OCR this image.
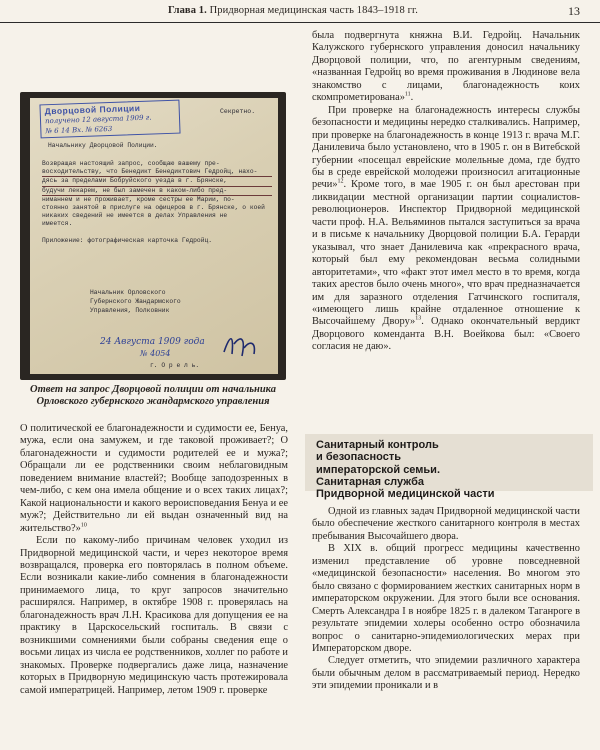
Глава 1. Придворная медицинская часть 1843–1918 гг.	13
Дворцовой Полиции
получено 12 августа 1909 г.
№ 6 14 Вх. № 6263
Секретно.
Начальнику Дворцовой Полиции.
Возвращая настоящий запрос, сообщаю вашему пре-
восходительству, что Бенедикт Бенедиктович Гедройц, нахо-
дясь за пределами Бобруйского уезда в г. Брянске,
будучи лекарем, не был замечен в каком-либо пред-
ниманнем и не проживает, кроме сестры ее Марии, по-
стоянно занятой в прислуге на офицеров в г. Брянске, о коей
никаких сведений не имеется в делах Управления не
имеется.
Приложение: фотографическая карточка Гедройц.
Начальник Орловского
Губернского Жандармского
Управления, Полковник
24 Августа 1909 года
№ 4054
г. О р е л ь.
Ответ на запрос Дворцовой полиции от начальника Орловского губернского жандармского управления

О политической ее благонадежности и судимости ее, Бенуа, мужа, если она замужем, и где таковой проживает?; О благонадежности и судимости родителей ее и мужа?; Обращали ли ее родственники своим неблаговидным поведением внимание властей?; Вообще заподозренных в чем-либо, с кем она имела общение и о всех таких лицах?; Какой национальности и какого вероисповедания Бенуа и ее муж?; Действительно ли ей выдан означенный вид на жительство?»$^{10}$

Если по какому-либо причинам человек уходил из Придворной медицинской части, и через некоторое время возвращался, проверка его повторялась в полном объеме. Если возникали какие-либо сомнения в благонадежности принимаемого лица, то круг запросов значительно расширялся. Например, в октябре 1908 г. проверялась на благонадежность врач Л.Н. Красикова для допущения ее на практику в Царскосельский госпиталь. В связи с возникшими сомнениями были собраны сведения еще о восьми лицах из числа ее родственников, холлег по работе и знакомых. Проверке подвергались даже лица, назначение которых в Придворную медицинскую часть протежировала самой императрицей. Например, летом 1909 г. проверке

была подвергнута княжна В.И. Гедройц. Начальник Калужского губернского управления доносил начальнику Дворцовой полиции, что, по агентурным сведениям, «названная Гедройц во время проживания в Людинове вела знакомство с лицами, благонадежность коих скомпрометирована»$^{11}$.

При проверке на благонадежность интересы службы безопасности и медицины нередко сталкивались. Например, при проверке на благонадежность в конце 1913 г. врача М.Г. Данилевича было установлено, что в 1905 г. он в Витебской губернии «посещал еврейские молельные дома, где будто бы в среде еврейской молодежи произносил агитационные речи»$^{12}$. Кроме того, в мае 1905 г. он был арестован при ликвидации местной организации партии социалистов-революционеров. Инспектор Придворной медицинской части проф. Н.А. Вельяминов пытался заступиться за врача и в письме к начальнику Дворцовой полиции Б.А. Герарди указывал, что знает Данилевича как «прекрасного врача, который был ему рекомендован весьма солидными авторитетами», что «факт этот имел место в то время, когда таких арестов было очень много», что врач предназначается им для заразного отделения Гатчинского госпиталя, «имеющего лишь крайне отдаленное отношение к Высочайшему Двору»$^{13}$. Однако окончательный вердикт Дворцового коменданта В.Н. Воейкова был: «Своего согласия не даю».

Санитарный контроль
и безопасность
императорской семьи.
Санитарная служба
Придворной медицинской части

Одной из главных задач Придворной медицинской части было обеспечение жесткого санитарного контроля в местах пребывания Высочайшего двора.

В XIX в. общий прогресс медицины качественно изменил представление об уровне повседневной «медицинской безопасности» населения. Во многом это было связано с формированием жестких санитарных норм в императорском окружении. Для этого были все основания. Смерть Александра I в ноябре 1825 г. в далеком Таганроге в результате эпидемии холеры особенно остро обозначила вопрос о санитарно-эпидемиологических мерах при Императорском дворе.

Следует отметить, что эпидемии различного характера были обычным делом в рассматриваемый период. Нередко эти эпидемии проникали и в
